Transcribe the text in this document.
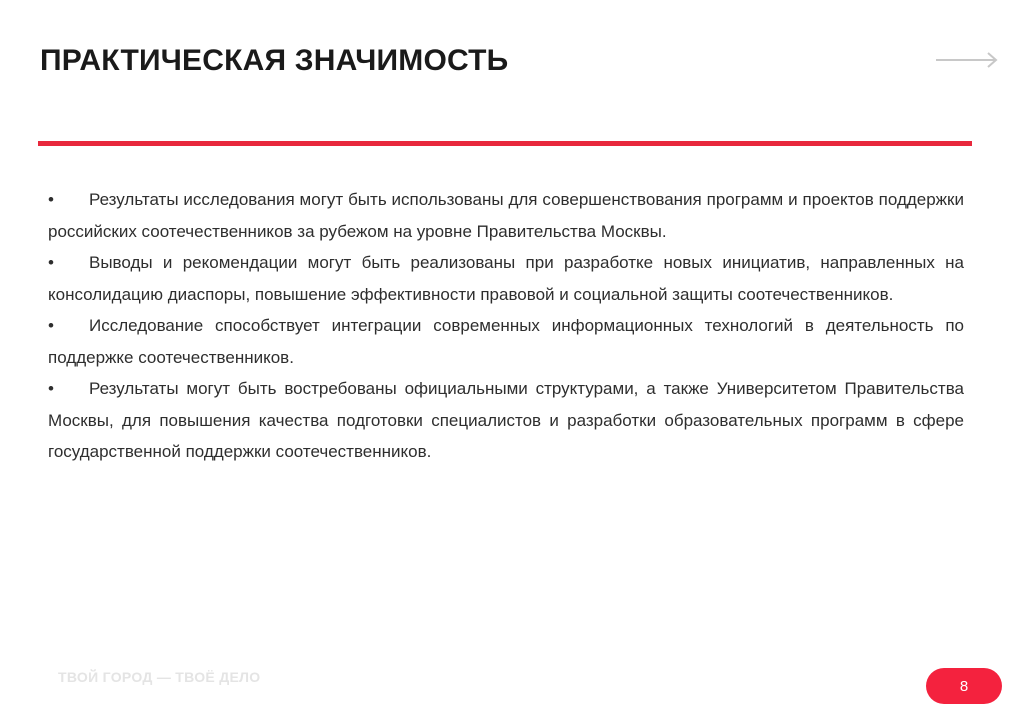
ПРАКТИЧЕСКАЯ ЗНАЧИМОСТЬ
• Результаты исследования могут быть использованы для совершенствования программ и проектов поддержки российских соотечественников за рубежом на уровне Правительства Москвы.
• Выводы и рекомендации могут быть реализованы при разработке новых инициатив, направленных на консолидацию диаспоры, повышение эффективности правовой и социальной защиты соотечественников.
• Исследование способствует интеграции современных информационных технологий в деятельность по поддержке соотечественников.
• Результаты могут быть востребованы официальными структурами, а также Университетом Правительства Москвы, для повышения качества подготовки специалистов и разработки образовательных программ в сфере государственной поддержки соотечественников.
ТВОЙ ГОРОД — ТВОЁ ДЕЛО
8
